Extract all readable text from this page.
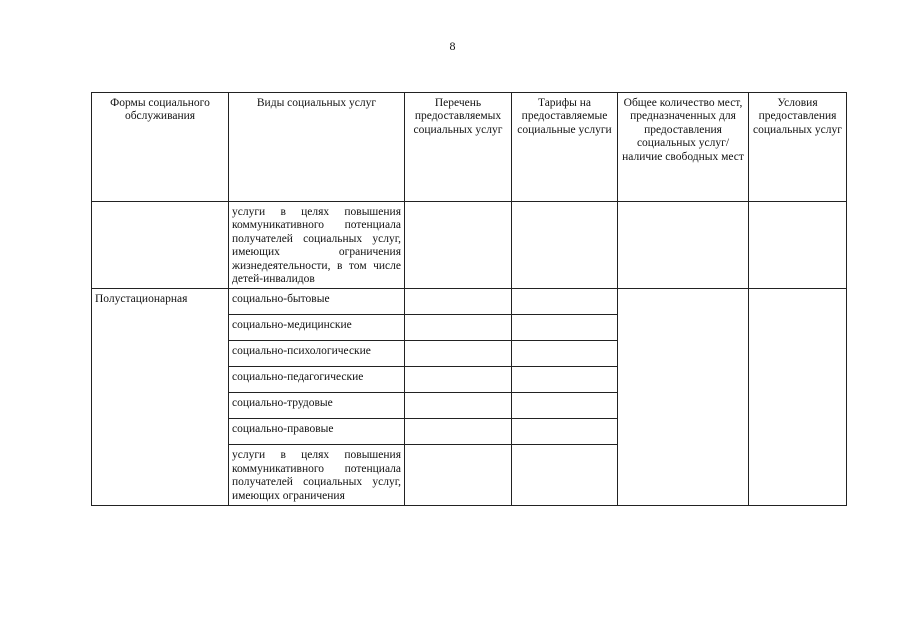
8
Формы социального обслуживания	Виды социальных услуг	Перечень предоставляемых социальных услуг	Тарифы на предоставляемые социальные услуги	Общее количество мест, предназначенных для предоставления социальных услуг/наличие свободных мест	Условия предоставления социальных услуг
	услуги в целях повышения коммуникативного потенциала получателей социальных услуг, имеющих ограничения жизнедеятельности, в том числе детей-инвалидов				
Полустационарная	социально-бытовые				
	социально-медицинские				
	социально-психологические				
	социально-педагогические				
	социально-трудовые				
	социально-правовые				
	услуги в целях повышения коммуникативного потенциала получателей социальных услуг, имеющих ограничения				
